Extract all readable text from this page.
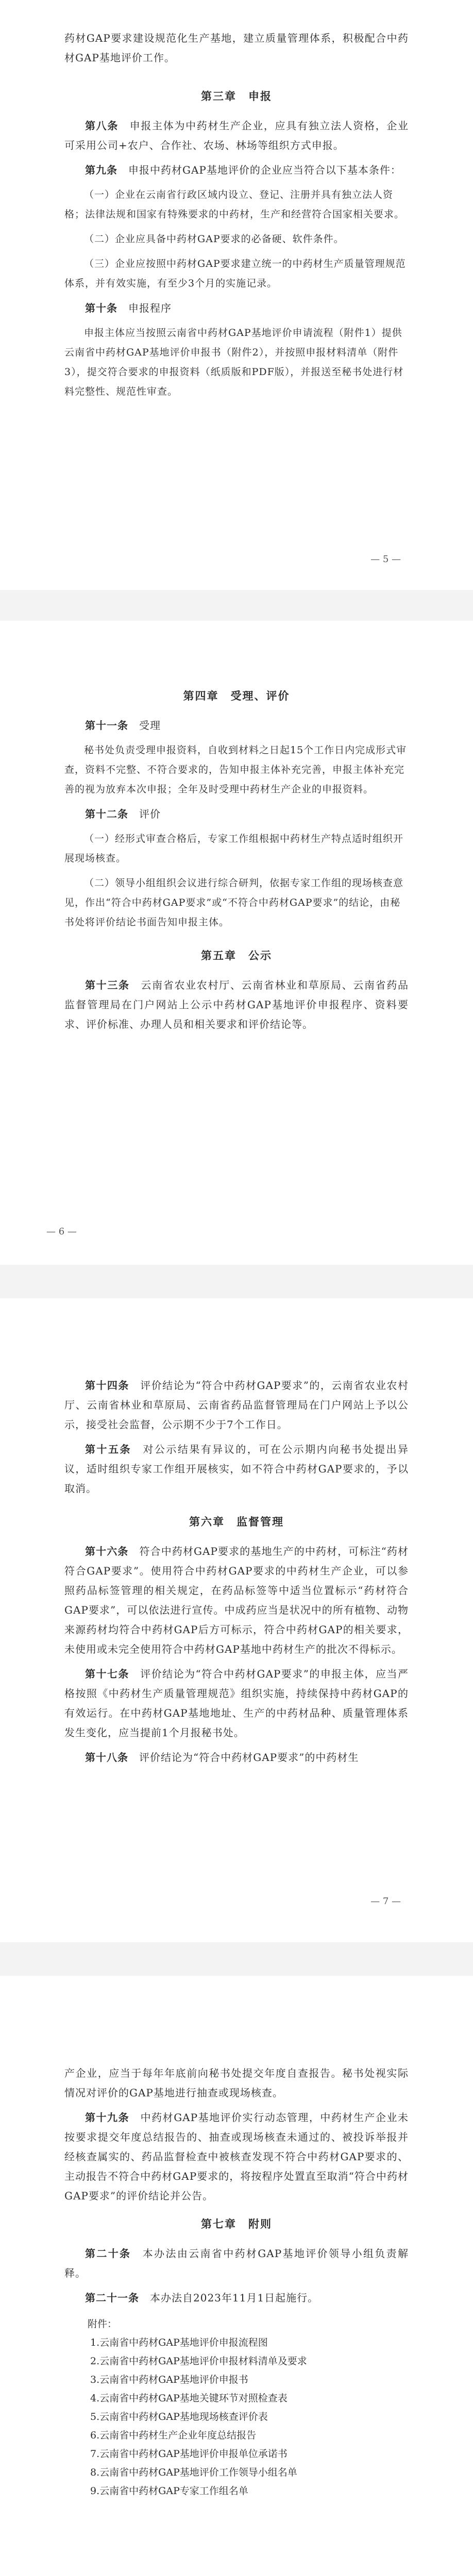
药材GAP要求建设规范化生产基地，建立质量管理体系，积极配合中药材GAP基地评价工作。

第三章　申报

第八条　 申报主体为中药材生产企业，应具有独立法人资格，企业可采用公司+农户、合作社、农场、林场等组织方式申报。

第九条　 申报中药材GAP基地评价的企业应当符合以下基本条件：

（一）企业在云南省行政区域内设立、登记、注册并具有独立法人资格；法律法规和国家有特殊要求的中药材，生产和经营符合国家相关要求。

（二）企业应具备中药材GAP要求的必备硬、软件条件。

（三）企业应按照中药材GAP要求建立统一的中药材生产质量管理规范体系，并有效实施，有至少3个月的实施记录。

第十条　 申报程序

申报主体应当按照云南省中药材GAP基地评价申请流程（附件1）提供云南省中药材GAP基地评价申报书（附件2），并按照申报材料清单（附件3），提交符合要求的申报资料（纸质版和PDF版），并报送至秘书处进行材料完整性、规范性审查。

— 5 —
第四章　受理、评价

第十一条　 受理

秘书处负责受理申报资料，自收到材料之日起15个工作日内完成形式审查，资料不完整、不符合要求的，告知申报主体补充完善，申报主体补充完善的视为放弃本次申报；全年及时受理中药材生产企业的申报资料。

第十二条　 评价

（一）经形式审查合格后，专家工作组根据中药材生产特点适时组织开展现场核查。

（二）领导小组组织会议进行综合研判，依据专家工作组的现场核查意见，作出“符合中药材GAP要求”或“不符合中药材GAP要求”的结论，由秘书处将评价结论书面告知申报主体。

第五章　公示

第十三条　 云南省农业农村厅、云南省林业和草原局、云南省药品监督管理局在门户网站上公示中药材GAP基地评价申报程序、资料要求、评价标准、办理人员和相关要求和评价结论等。

— 6 —

第十四条　 评价结论为“符合中药材GAP要求”的，云南省农业农村厅、云南省林业和草原局、云南省药品监督管理局在门户网站上予以公示，接受社会监督，公示期不少于7个工作日。

第十五条　 对公示结果有异议的，可在公示期内向秘书处提出异议，适时组织专家工作组开展核实，如不符合中药材GAP要求的，予以取消。

第六章　监督管理

第十六条　 符合中药材GAP要求的基地生产的中药材，可标注“药材符合GAP要求”。使用符合中药材GAP要求的中药材生产企业，可以参照药品标签管理的相关规定，在药品标签等中适当位置标示“药材符合GAP要求”，可以依法进行宣传。中成药应当是状况中的所有植物、动物来源药材均符合中药材GAP后方可标示，符合中药材GAP的相关要求，未使用或未完全使用符合中药材GAP基地中药材生产的批次不得标示。

第十七条　 评价结论为“符合中药材GAP要求”的申报主体，应当严格按照《中药材生产质量管理规范》组织实施，持续保持中药材GAP的有效运行。在中药材GAP基地地址、生产的中药材品种、质量管理体系发生变化，应当提前1个月报秘书处。

第十八条　 评价结论为“符合中药材GAP要求”的中药材生

— 7 —

产企业，应当于每年年底前向秘书处提交年度自查报告。秘书处视实际情况对评价的GAP基地进行抽查或现场核查。

第十九条　 中药材GAP基地评价实行动态管理，中药材生产企业未按要求提交年度总结报告的、抽查或现场核查未通过的、被投诉举报并经核查属实的、药品监督检查中被核查发现不符合中药材GAP要求的、主动报告不符合中药材GAP要求的，将按程序处置直至取消“符合中药材GAP要求”的评价结论并公告。

第七章　附则

第二十条　 本办法由云南省中药材GAP基地评价领导小组负责解释。

第二十一条　 本办法自2023年11月1日起施行。

附件：

1.云南省中药材GAP基地评价申报流程图

2.云南省中药材GAP基地评价申报材料清单及要求

3.云南省中药材GAP基地评价申报书

4.云南省中药材GAP基地关键环节对照检查表

5.云南省中药材GAP基地现场核查评价表

6.云南省中药材生产企业年度总结报告

7.云南省中药材GAP基地评价申报单位承诺书

8.云南省中药材GAP基地评价工作领导小组名单

9.云南省中药材GAP专家工作组名单
